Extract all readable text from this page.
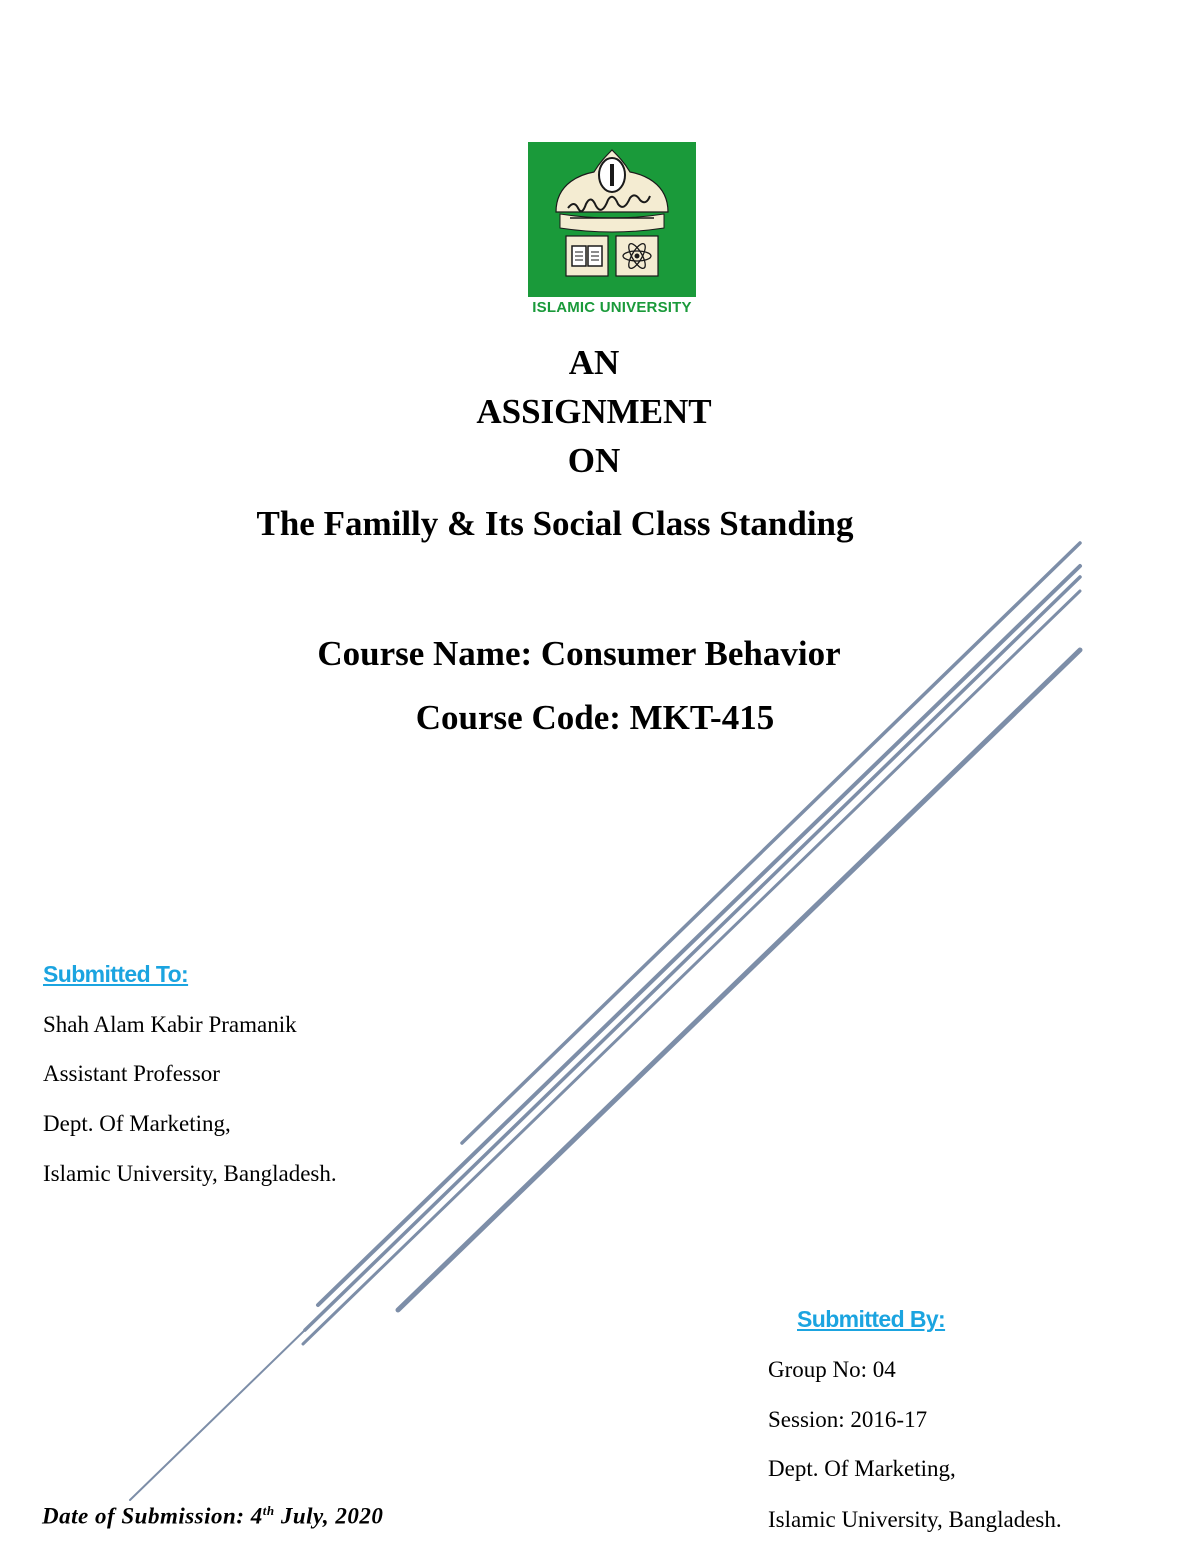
ISLAMIC UNIVERSITY
AN
ASSIGNMENT
ON
The Familly & Its Social Class Standing
Course Name: Consumer Behavior
Course Code: MKT-415
Submitted To:
Shah Alam Kabir Pramanik
Assistant Professor
Dept. Of Marketing,
Islamic University, Bangladesh.
Submitted By:
Group No: 04
Session: 2016-17
Dept. Of Marketing,
Islamic University, Bangladesh.
Date of Submission: 4th July, 2020
